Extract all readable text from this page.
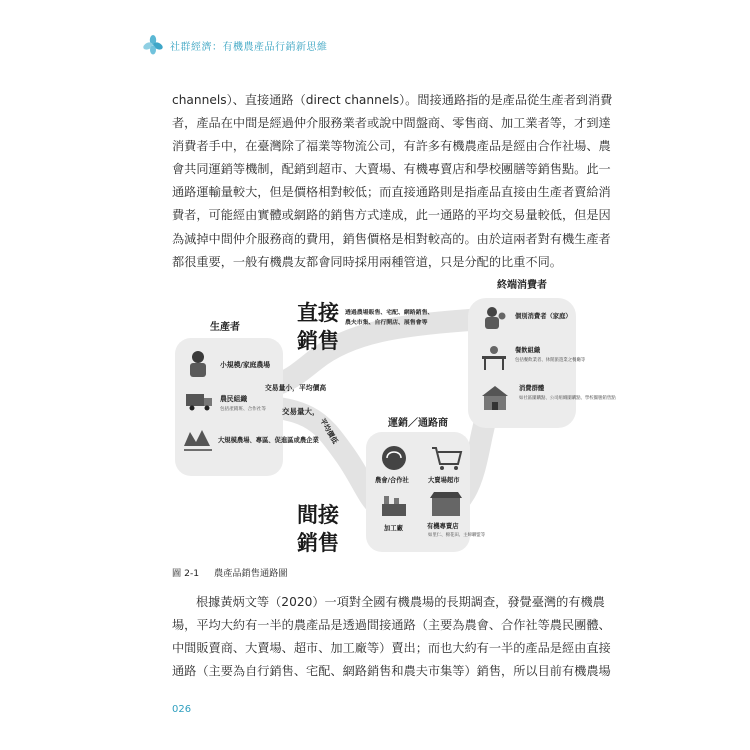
社群經濟：有機農產品行銷新思維
channels）、直接通路（direct channels）。間接通路指的是產品從生產者到消費
者，產品在中間是經過仲介服務業者或說中間盤商、零售商、加工業者等，才到達
消費者手中，在臺灣除了福業等物流公司，有許多有機農產品是經由合作社場、農
會共同運銷等機制，配銷到超市、大賣場、有機專賣店和學校團膳等銷售點。此一
通路運輸量較大，但是價格相對較低；而直接通路則是指產品直接由生產者賣給消
費者，可能經由實體或網路的銷售方式達成，此一通路的平均交易量較低，但是因
為減掉中間仲介服務商的費用，銷售價格是相對較高的。由於這兩者對有機生產者
都很重要，一般有機農友都會同時採用兩種管道，只是分配的比重不同。
生產者
小規模/家庭農場
農民組織
包括產銷班、合作社等
大規模農場、專區、促進區或農企業
終端消費者
個別消費者（家庭）
餐飲組織
包括餐飲業者、休閒旅遊業之餐廳等
消費群體
如社區團購點、公司組織團購點、學校團膳銷售點
運銷／通路商
農會/合作社	大賣場超市
加工廠	有機專賣店
如里仁、棉花田、主婦聯盟等
直接
銷售
透過農場販售、宅配、網路銷售、
農夫市集、自行開店、展售會等
間接
銷售
交易量小，平均價高
交易量大，
平均價低
圖 2-1 農產品銷售通路圖
根據黃炳文等（2020）一項對全國有機農場的長期調查，發覺臺灣的有機農
場，平均大約有一半的農產品是透過間接通路（主要為農會、合作社等農民團體、
中間販賣商、大賣場、超市、加工廠等）賣出；而也大約有一半的產品是經由直接
通路（主要為自行銷售、宅配、網路銷售和農夫市集等）銷售，所以目前有機農場
026
